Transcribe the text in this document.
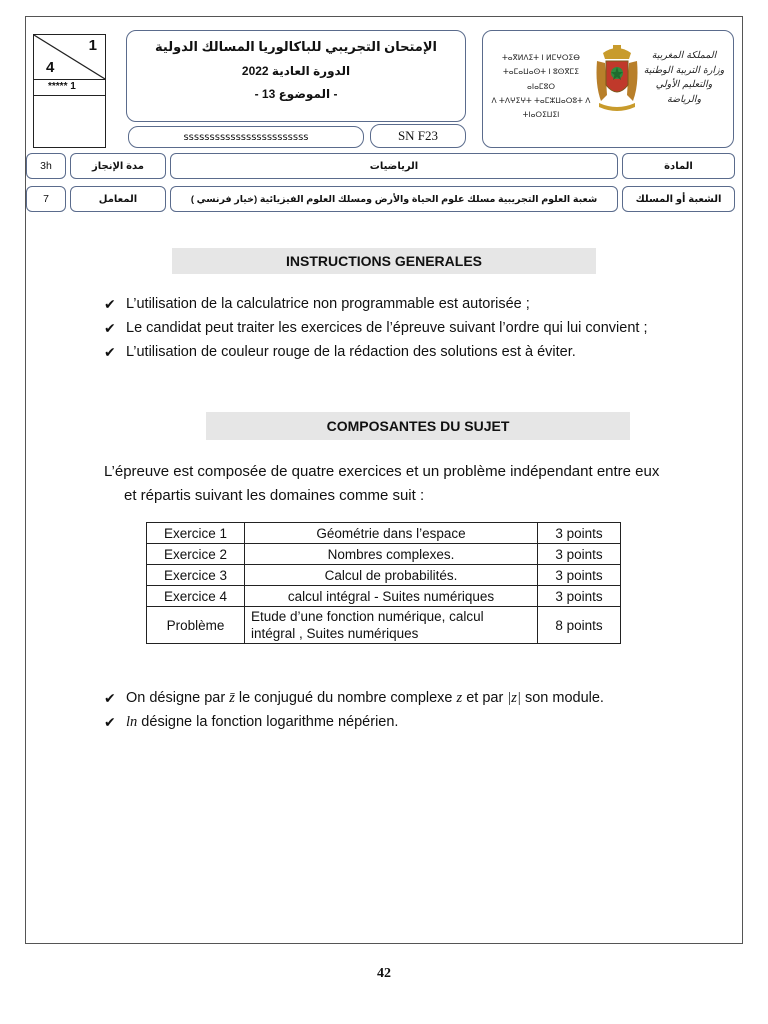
1
4
***** 1
الإمتحان التجريبي للباكالوريا المسالك الدولية
الدورة العادية 2022
- الموضوع 13 -
ⵜⴰⴳⵍⴷⵉⵜ ⵏ ⵍⵎⵖⵔⵉⴱ
ⵜⴰⵎⴰⵡⴰⵙⵜ ⵏ ⵓⵙⴳⵎⵉ ⴰⵏⴰⵎⵓⵔ
ⴷ ⵜⴷⵖⵉⵖⵜ ⵜⴰⵎⵣⵡⴰⵔⵓⵜ ⴷ ⵜⵏⴰⵔⵉⵡⵉⵏ
المملكة المغربية
وزارة التربية الوطنية
والتعليم الأولي والرياضة
ssssssssssssssssssssssss	SN F23
المادة
الرياضيات
مدة الإنجاز
3h
الشعبة أو المسلك
شعبة العلوم التجريبية مسلك علوم الحياة والأرض ومسلك العلوم الفيزيائية (خيار فرنسي )
المعامل
7
INSTRUCTIONS GENERALES
✔ L’utilisation de la calculatrice non programmable est autorisée ;
✔ Le candidat peut traiter les exercices de l’épreuve suivant l’ordre qui lui convient ;
✔ L’utilisation de couleur rouge de la rédaction des solutions est à éviter.
COMPOSANTES DU SUJET
L’épreuve est composée de quatre exercices et un problème indépendant entre eux
et répartis suivant les domaines comme suit :
Exercice 1	Géométrie dans l’espace	3 points
Exercice 2	Nombres complexes.	3 points
Exercice 3	Calcul de probabilités.	3 points
Exercice 4	calcul intégral - Suites numériques	3 points
Problème	Etude d’une fonction numérique, calcul
intégral , Suites numériques	8 points
✔ On désigne par z̄ le conjugué du nombre complexe z et par |z| son module.
✔ ln désigne la fonction logarithme népérien.
42
